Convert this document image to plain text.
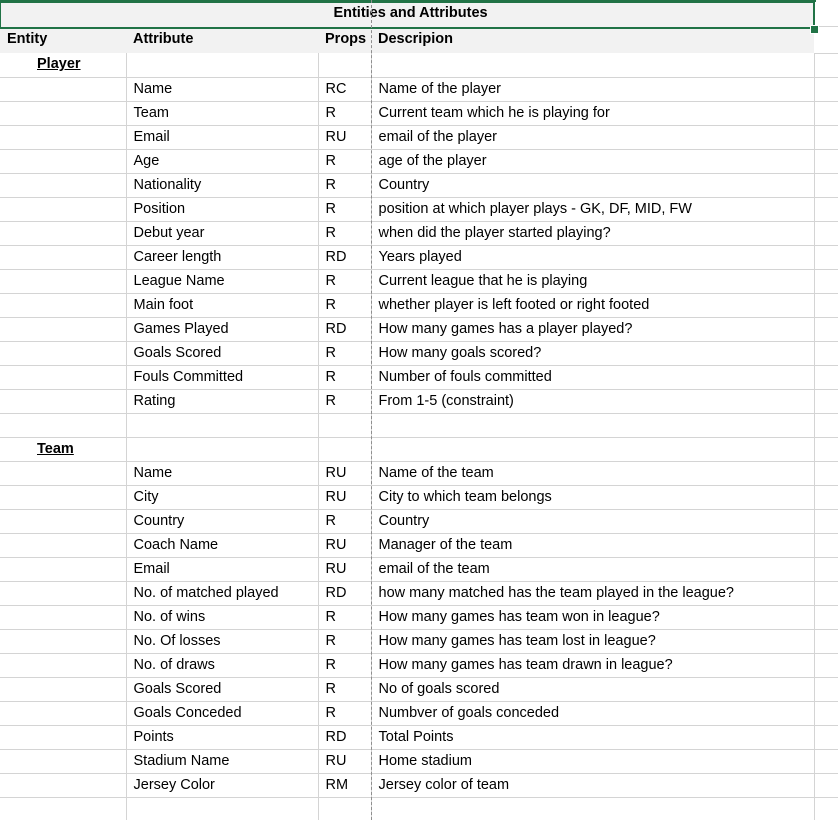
Entities and Attributes				
Entity	Attribute	Props	Descripion	
Player				
	Name	RC	Name of the player	
	Team	R	Current team which he is playing for	
	Email	RU	email of the player	
	Age	R	age of the player	
	Nationality	R	Country	
	Position	R	position at which player plays - GK, DF, MID, FW	
	Debut year	R	when did the player started playing?	
	Career length	RD	Years played	
	League Name	R	Current league that he is playing	
	Main foot	R	whether player is left footed or right footed	
	Games Played	RD	How many games has a player played?	
	Goals Scored	R	How many goals scored?	
	Fouls Committed	R	Number of fouls committed	
	Rating	R	From 1-5 (constraint)	

Team				
	Name	RU	Name of the team	
	City	RU	City to which team belongs	
	Country	R	Country	
	Coach Name	RU	Manager of the team	
	Email	RU	email of the team	
	No. of matched played	RD	how many matched has the team played in the league?	
	No. of wins	R	How many games has team won in league?	
	No. Of losses	R	How many games has team lost in league?	
	No. of draws	R	How many games has team drawn in league?	
	Goals Scored	R	No of goals scored	
	Goals Conceded	R	Numbver of goals conceded	
	Points	RD	Total Points	
	Stadium Name	RU	Home stadium	
	Jersey Color	RM	Jersey color of team	
